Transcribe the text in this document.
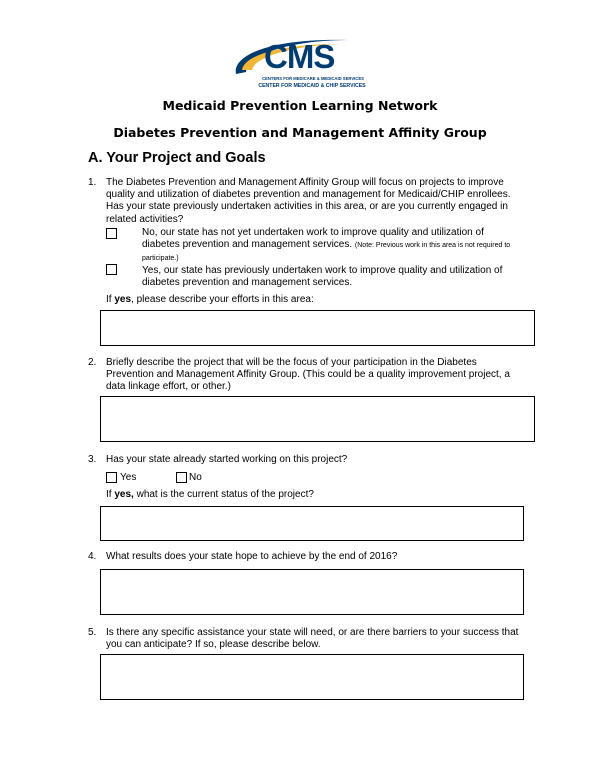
CMS
CENTERS FOR MEDICARE & MEDICAID SERVICES
CENTER FOR MEDICAID & CHIP SERVICES
Medicaid Prevention Learning Network
Diabetes Prevention and Management Affinity Group
A. Your Project and Goals
1. The Diabetes Prevention and Management Affinity Group will focus on projects to improve quality and utilization of diabetes prevention and management for Medicaid/CHIP enrollees. Has your state previously undertaken activities in this area, or are you currently engaged in related activities?
No, our state has not yet undertaken work to improve quality and utilization of diabetes prevention and management services. (Note: Previous work in this area is not required to participate.)
Yes, our state has previously undertaken work to improve quality and utilization of diabetes prevention and management services.
If yes, please describe your efforts in this area:
2. Briefly describe the project that will be the focus of your participation in the Diabetes Prevention and Management Affinity Group. (This could be a quality improvement project, a data linkage effort, or other.)
3. Has your state already started working on this project?
Yes	No
If yes, what is the current status of the project?
4. What results does your state hope to achieve by the end of 2016?
5. Is there any specific assistance your state will need, or are there barriers to your success that you can anticipate? If so, please describe below.
